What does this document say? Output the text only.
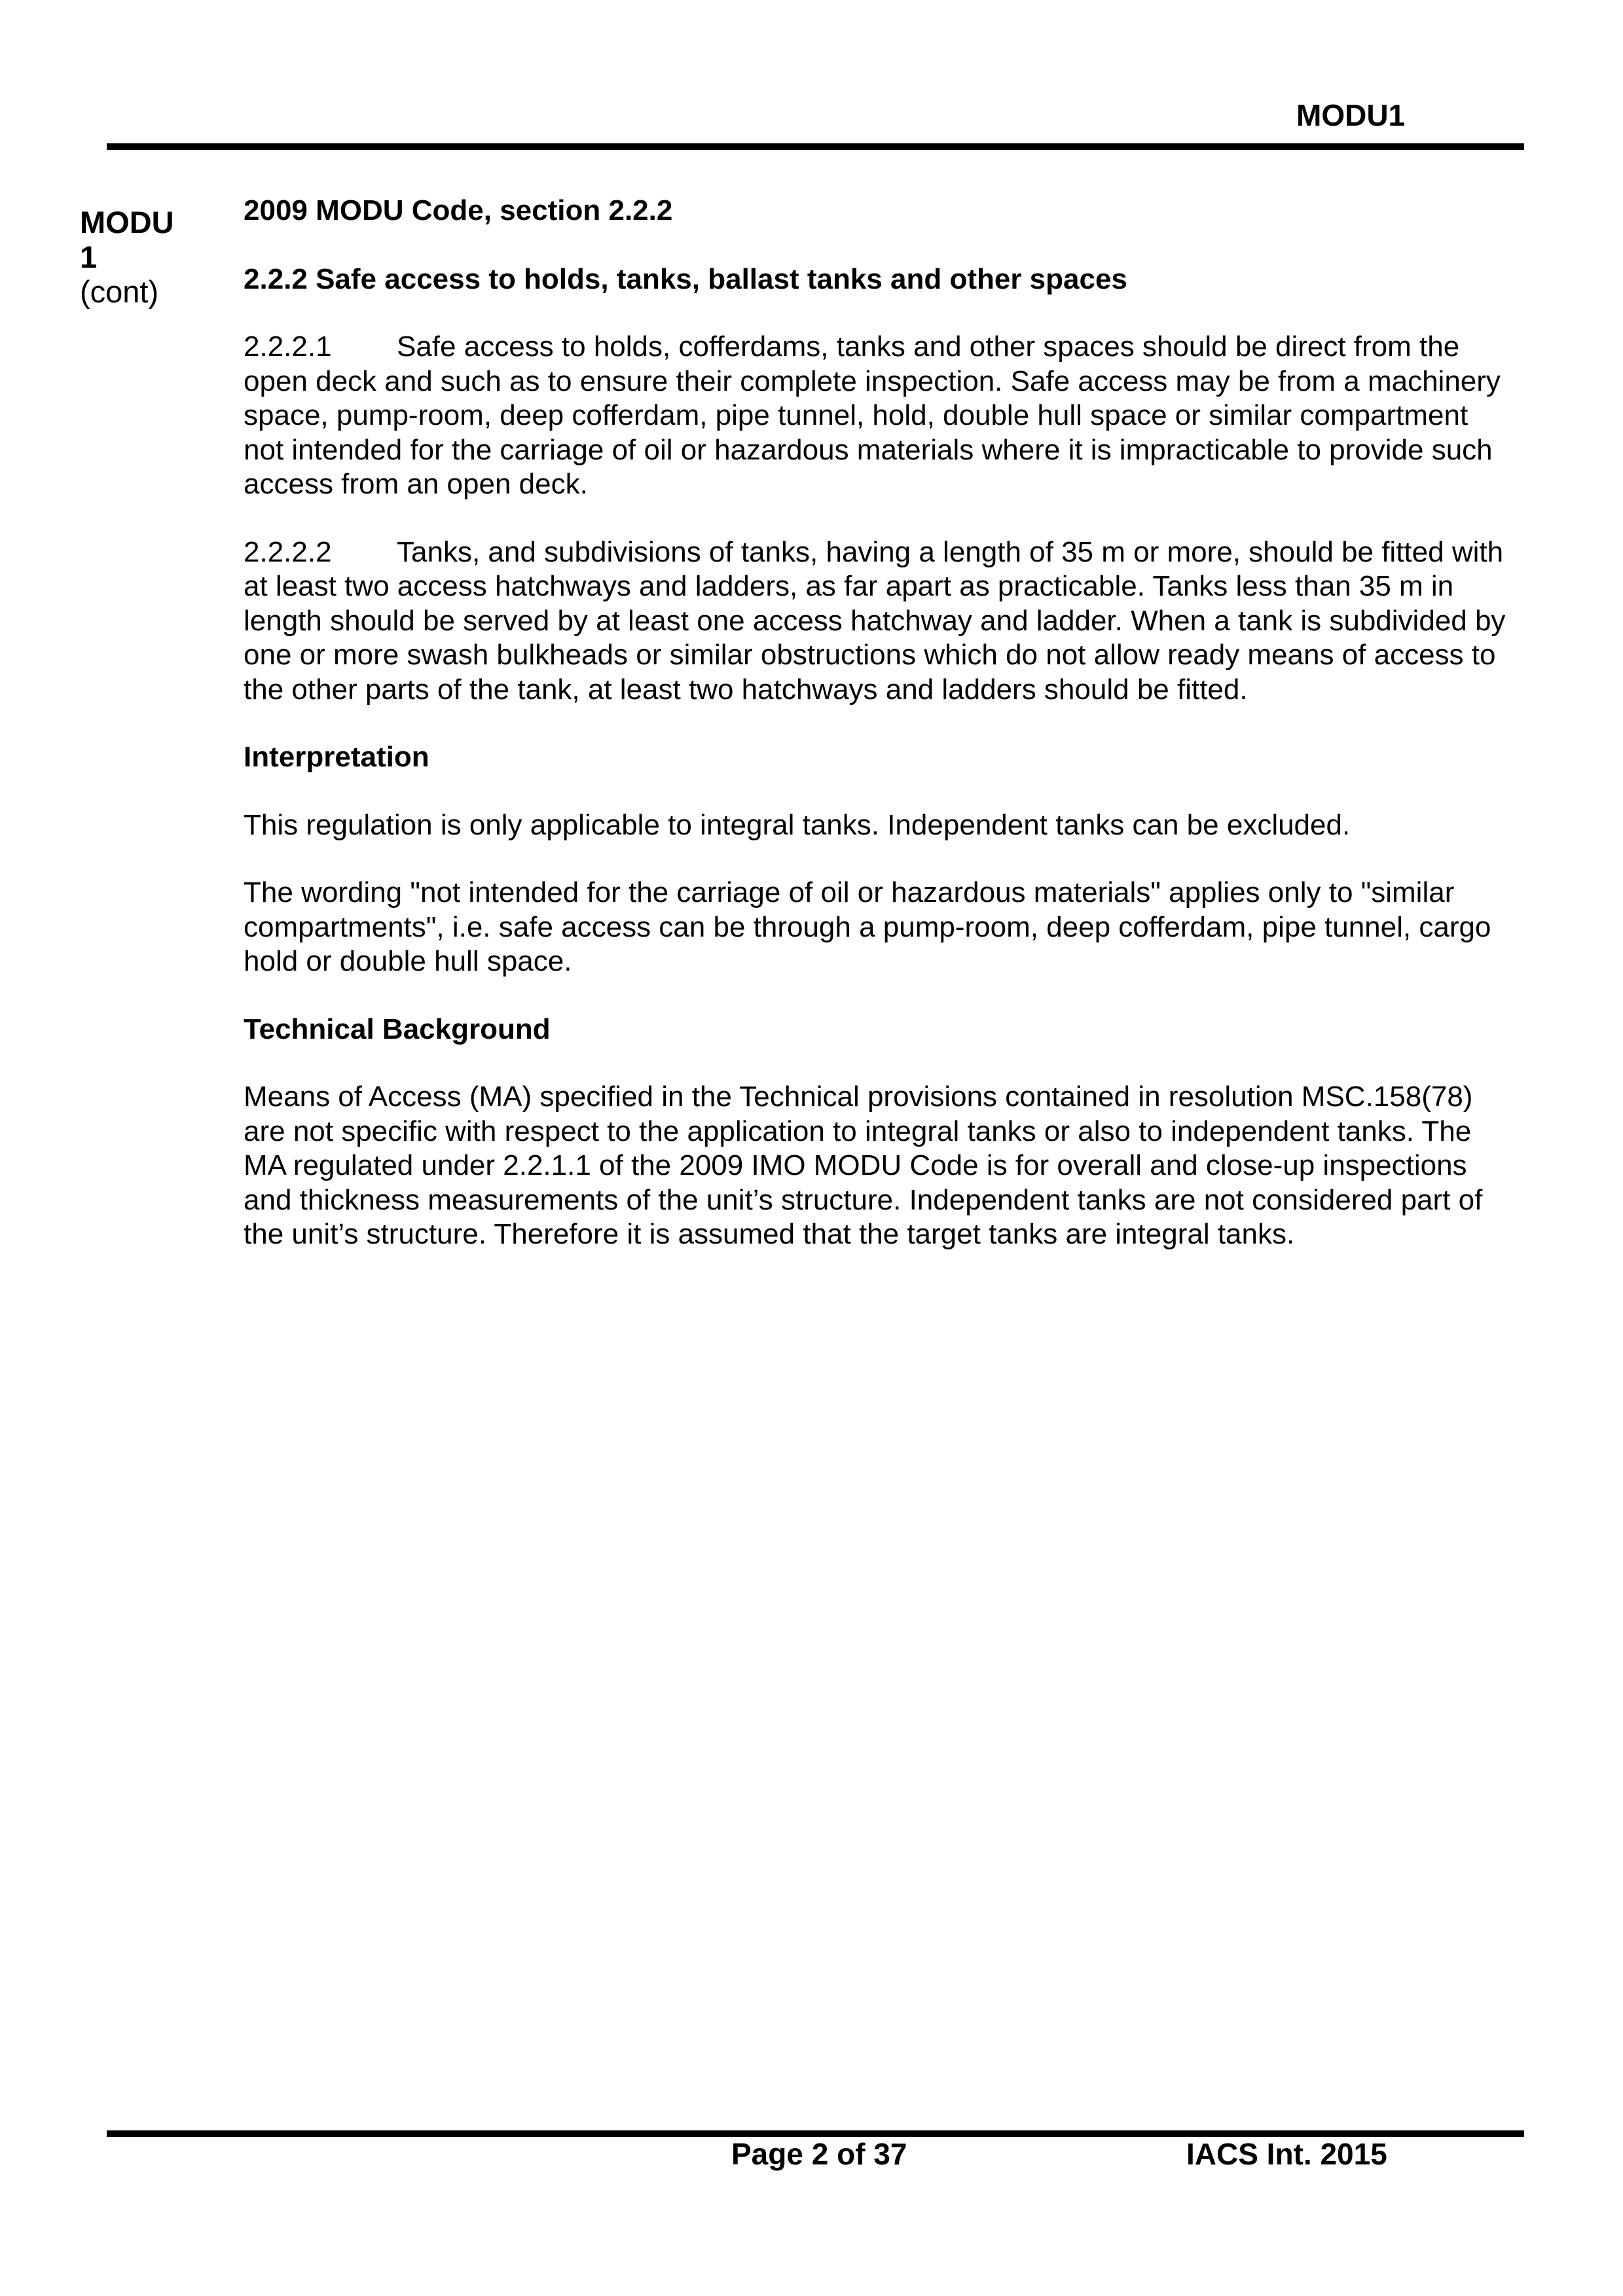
MODU1
MODU
1
(cont)

2009 MODU Code, section 2.2.2

2.2.2 Safe access to holds, tanks, ballast tanks and other spaces

2.2.2.1 Safe access to holds, cofferdams, tanks and other spaces should be direct from the open deck and such as to ensure their complete inspection. Safe access may be from a machinery space, pump-room, deep cofferdam, pipe tunnel, hold, double hull space or similar compartment not intended for the carriage of oil or hazardous materials where it is impracticable to provide such access from an open deck.

2.2.2.2 Tanks, and subdivisions of tanks, having a length of 35 m or more, should be fitted with at least two access hatchways and ladders, as far apart as practicable. Tanks less than 35 m in length should be served by at least one access hatchway and ladder. When a tank is subdivided by one or more swash bulkheads or similar obstructions which do not allow ready means of access to the other parts of the tank, at least two hatchways and ladders should be fitted.

Interpretation

This regulation is only applicable to integral tanks. Independent tanks can be excluded.

The wording "not intended for the carriage of oil or hazardous materials" applies only to "similar compartments", i.e. safe access can be through a pump-room, deep cofferdam, pipe tunnel, cargo hold or double hull space.

Technical Background

Means of Access (MA) specified in the Technical provisions contained in resolution MSC.158(78) are not specific with respect to the application to integral tanks or also to independent tanks. The MA regulated under 2.2.1.1 of the 2009 IMO MODU Code is for overall and close-up inspections and thickness measurements of the unit’s structure. Independent tanks are not considered part of the unit’s structure. Therefore it is assumed that the target tanks are integral tanks.

Page 2 of 37	IACS Int. 2015
